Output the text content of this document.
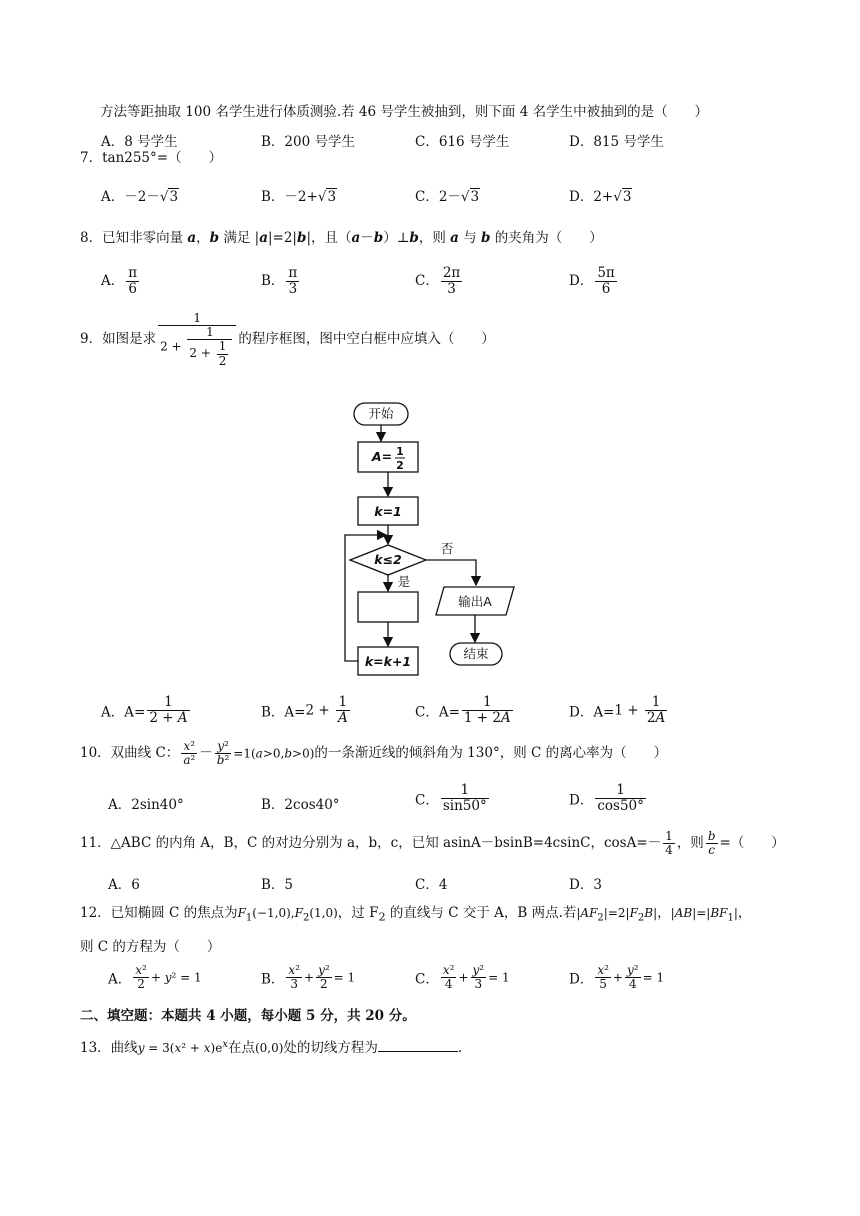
方法等距抽取 100 名学生进行体质测验.若 46 号学生被抽到，则下面 4 名学生中被抽到的是（　　）
A．8 号学生	B．200 号学生	C．616 号学生	D．815 号学生
7．tan255°=（　　）
A．－2－√3	B．－2+√3	C．2－√3	D．2+√3
8．已知非零向量 a，b 满足 |a|=2|b|，且（a－b）⊥b，则 a 与 b 的夹角为（　　）
A． $\frac{\pi}{6}$	B． $\frac{\pi}{3}$	C． $\frac{2\pi}{3}$	D． $\frac{5\pi}{6}$
9．如图是求 $\frac{1}{2 + \frac{1}{2 + \frac{1}{2}}}$ 的程序框图，图中空白框中应填入（　　）
开始
A= 1
2
k=1
k≤2
否
是
输出A
k=k+1
结束
A．$A= \frac{1}{2 + A}$	B．$A=2 + \frac{1}{A}$	C．$A= \frac{1}{1 + 2A}$	D．$A=1 + \frac{1}{2A}$
10．双曲线 C： $\frac{\text{x²}}{\text{a²}} - \frac{\text{y²}}{\text{b²}} =1(a>0,b>0)$的一条渐近线的倾斜角为 130°，则 C 的离心率为（　　）
A．2sin40°	B．2cos40°	C． $\frac{1}{\sin 50^\circ}$	D． $\frac{1}{\cos 50^\circ}$
11．△ABC 的内角 A，B，C 的对边分别为 a，b，c，已知 asinA－bsinB=4csinC，$\cos A=- \frac{1}{4}$ ，则 $\frac{b}{c}$ =（　　）
A．6	B．5	C．4	D．3
12．已知椭圆 C 的焦点为$F_1(-1,0),F_2(1,0)$，过 $F_2$ 的直线与 C 交于 A，B 两点.若$|AF_2|=2|F_2B|$，$|AB|=|BF_1|$，
则 C 的方程为（　　）
A． $\frac{\text{x²}}{2} + y^2 = 1$	B． $\frac{\text{x²}}{3} + \frac{\text{y²}}{2} = 1$	C． $\frac{\text{x²}}{4} + \frac{\text{y²}}{3} = 1$	D． $\frac{\text{x²}}{5} + \frac{\text{y²}}{4} = 1$
二、填空题：本题共 4 小题，每小题 5 分，共 20 分。
13．曲线$y = 3(x^2 + x)e^x$在点(0,0)处的切线方程为	.
